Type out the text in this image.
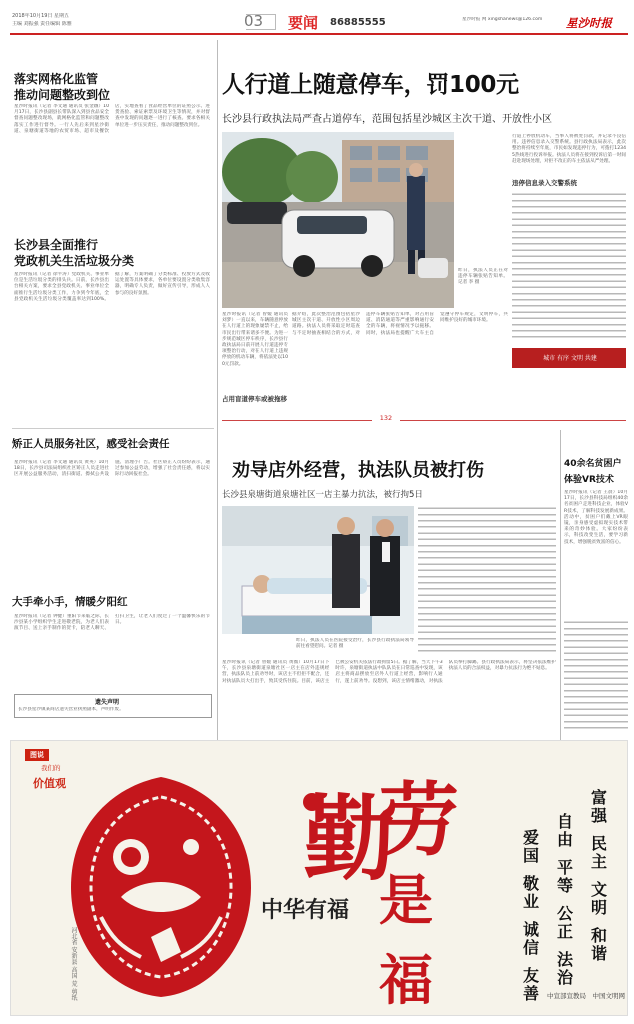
2018年10月19日 星期五
主编 刘振强 责任编辑 陈雅	03	要闻	86885555	星沙时报 网 xingshanews@126.com	星沙时报
落实网格化监管
推动问题整改到位
星沙时报讯（记者 李文通 通讯员 张金娥）10月17日，长沙县副县长带队深入到县食品安全督查问题整改现场，就网格化监管和问题整改落实工作进行督导。一行人先后来到星沙街道、泉塘街道等地的农贸市场、超市及餐饮店，实地查看了食品经营单位的证照公示、进货查验、索证索票及环境卫生等情况，并对督查中发现的问题逐一进行了核查。要求各相关单位进一步压实责任，推动问题整改到位。
长沙县全面推行
党政机关生活垃圾分类
星沙时报讯（记者 徐平涛）党政机关、事业单位是生活垃圾分类的排头兵。日前，长沙县出台相关方案，要求全县党政机关、事业单位全面推行生活垃圾分类工作，力争到今年底，全县党政机关生活垃圾分类覆盖率达到100%。据了解，方案明确了分类标准、投放方式及收运处置等具体要求，各单位要设置分类收集容器，明确专人负责，做好宣传引导，形成人人参与的良好氛围。
矫正人员服务社区，感受社会责任
星沙时报讯（记者 李文通 通讯员 黄英）10月18日，长沙县司法局组织社区矫正人员走进社区开展公益服务活动，清扫街道、擦拭公共设施、清理小广告。社区矫正人员纷纷表示，通过参加公益劳动，增强了社会责任感，将以实际行动回报社会。
大手牵小手，情暖夕阳红
星沙时报讯（记者 钟健）重阳节来临之际，长沙县某小学组织学生走进敬老院，为老人们表演节目、送上亲手制作的贺卡，陪老人聊天、打扫卫生，让老人们度过了一个温馨快乐的节日。
遗失声明
长沙县星沙镇某商店遗失营业执照副本，声明作废。
人行道上随意停车，罚100元
长沙县行政执法局严查占道停车，范围包括星沙城区主次干道、开放性小区
昨日，执法人员正在对违停车辆张贴告知单。记者 李 摄
星沙时报讯（记者 曾媛 通讯员 刘梦）一直以来，车辆随意停放在人行道上的现象屡禁不止，给市民出行带来诸多不便。为进一步规范城区停车秩序，长沙县行政执法局日前开展人行道违停专项整治行动，对在人行道上违规停放的机动车辆，将依法处以100元罚款。
占用盲道停车或被拖移
据介绍，此次整治范围包括星沙城区主次干道、开放性小区周边道路。执法人员将采取定时巡查与不定时抽查相结合的方式，对违停车辆张贴告知单，对占用盲道、消防通道等严重影响通行安全的车辆，将视情况予以拖移。同时，执法局也提醒广大车主自觉遵守停车规定，文明停车，共同维护良好的城市环境。
行道上停放机动车，当事人将被处罚款，并记录不良信用。违停信息录入交警系统。县行政执法局表示，此次整治将持续至年底，市民如发现违停行为，可拨打12345热线进行投诉举报。执法人员将在接到投诉后第一时间赶赴现场处理，对拒不改正的车主依法从严处理。
违停信息录入交警系统
城市 有序 文明 共建
132
劝导店外经营，执法队员被打伤
长沙县泉塘街道泉塘社区一店主暴力抗法，被行拘5日
昨日，执法人员在医院接受治疗，长沙县行政执法局领导前往看望慰问。记者 摄
星沙时报讯（记者 曾媛 通讯员 黄薇）10月17日下午，长沙县泉塘街道泉塘社区一店主在店外违规经营，执法队员上前劝导时，该店主不但拒不配合，还对执法队员大打出手，致其受伤住院。目前，该店主已被公安机关依法行政拘留5日。据了解，当天下午3时许，泉塘街道执法中队队员在日常巡查中发现，该店主将商品摆放至店外人行道上经营，影响行人通行，遂上前劝导。没想到，该店主情绪激动，对执法队员拳打脚踢。县行政执法局表示，将坚决依法维护执法人员的合法权益，对暴力抗法行为绝不姑息。
40余名贫困户
体验VR技术
星沙时报讯（记者 王晨）10月17日，长沙县科技局组织40余名贫困户走进科技企业，体验VR技术，了解科技发展新成果。活动中，贫困户们戴上VR眼镜，亲身感受虚拟现实技术带来的奇妙体验。大家纷纷表示，科技改变生活，要学习新技术，增强脱贫致富的信心。
图说
我们的
价值观
河北省 安新县 高国 荒 剪纸
勤
劳
是福
中华有福
富强
民主
文明
和谐
自由
平等
公正
法治
爱国
敬业
诚信
友善	中宣部宣教局　中国文明网
